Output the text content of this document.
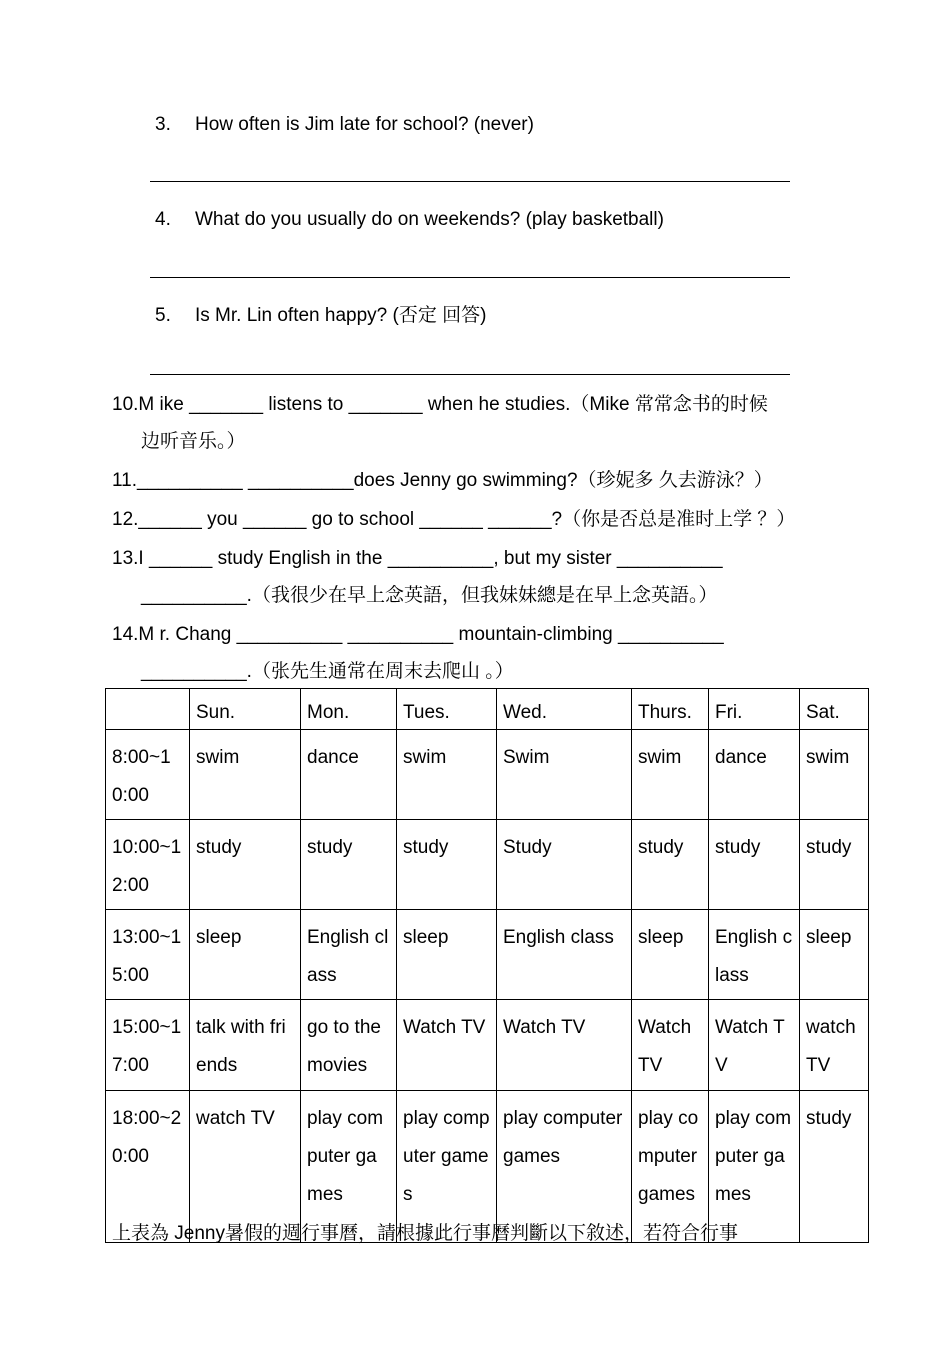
3. How often is Jim late for school? (never)
4. What do you usually do on weekends? (play basketball)
5. Is Mr. Lin often happy? (否定 回答)
10.M ike _______ listens to _______ when he studies.（Mike 常常念书的时候
边听音乐。）
11.__________ __________does Jenny go swimming?（珍妮多 久去游泳？）
12.______ you ______ go to school ______ ______?（你是否总是准时上学 ？）
13.I ______ study English in the __________, but my sister __________
__________.（我很少在早上念英語，但我妹妹總是在早上念英語。）
14.M r. Chang __________ __________ mountain-climbing __________
__________.（张先生通常在周末去爬山 。）
	Sun.	Mon.	Tues.	Wed.	Thurs.	Fri.	Sat.
8:00~10:00	swim	dance	swim	Swim	swim	dance	swim
10:00~12:00	study	study	study	Study	study	study	study
13:00~15:00	sleep	English class	sleep	English class	sleep	English class	sleep
15:00~17:00	talk with friends	go to the movies	Watch TV	Watch TV	Watch TV	Watch TV	watch TV
18:00~20:00	watch TV	play computer games	play computer games	play computer games	play computer games	play computer games	study
上表為 Jenny暑假的週行事曆，請根據此行事曆判斷以下敘述，若符合行事
